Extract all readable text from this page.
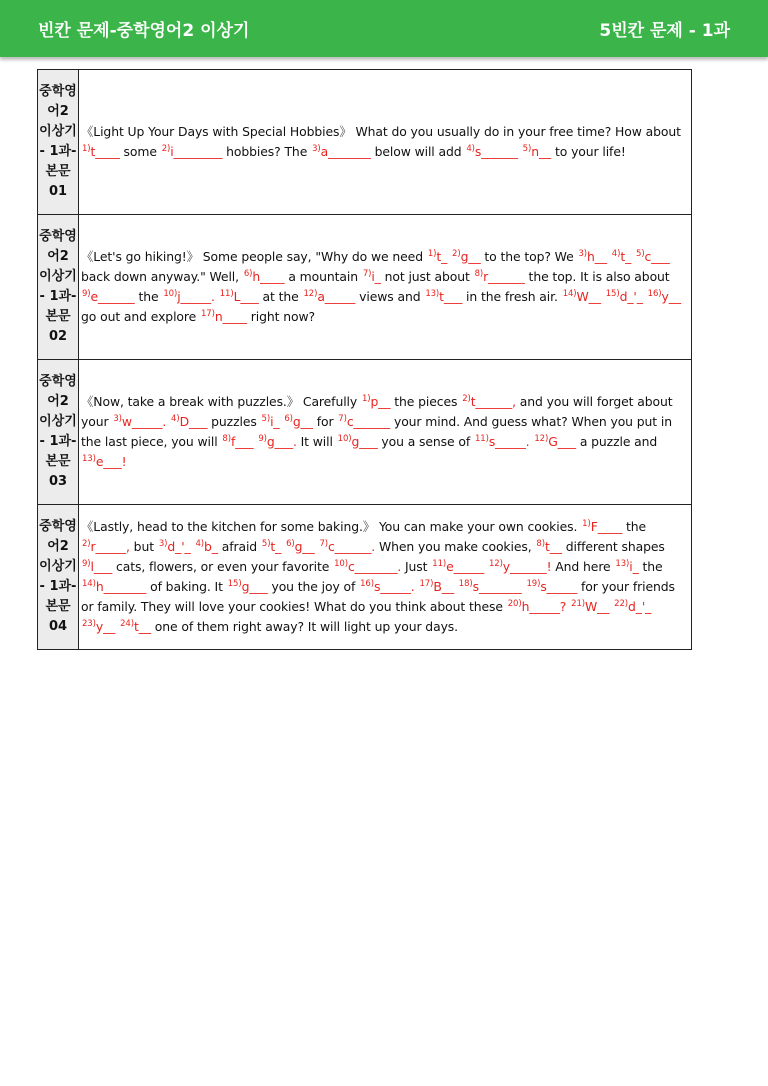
빈칸 문제-중학영어2 이상기	5빈칸 문제 - 1과
중학영어2 이상기 - 1과-본문 01	《Light Up Your Days with Special Hobbies》 What do you usually do in your free time? How about $^{1)}$t____ some $^{2)}$i________ hobbies? The $^{3)}$a_______ below will add $^{4)}$s______ $^{5)}$n__ to your life!
중학영어2 이상기 - 1과-본문 02	《Let's go hiking!》 Some people say, "Why do we need $^{1)}$t_ $^{2)}$g__ to the top? We $^{3)}$h__ $^{4)}$t_ $^{5)}$c___ back down anyway." Well, $^{6)}$h____ a mountain $^{7)}$i_ not just about $^{8)}$r______ the top. It is also about $^{9)}$e______ the $^{10)}$j_____. $^{11)}$L___ at the $^{12)}$a_____ views and $^{13)}$t___ in the fresh air. $^{14)}$W__ $^{15)}$d_'_ $^{16)}$y__ go out and explore $^{17)}$n____ right now?
중학영어2 이상기 - 1과-본문 03	《Now, take a break with puzzles.》 Carefully $^{1)}$p__ the pieces $^{2)}$t______, and you will forget about your $^{3)}$w_____. $^{4)}$D___ puzzles $^{5)}$i_ $^{6)}$g__ for $^{7)}$c______ your mind. And guess what? When you put in the last piece, you will $^{8)}$f___ $^{9)}$g___. It will $^{10)}$g___ you a sense of $^{11)}$s_____. $^{12)}$G___ a puzzle and $^{13)}$e___!
중학영어2 이상기 - 1과-본문 04	《Lastly, head to the kitchen for some baking.》 You can make your own cookies. $^{1)}$F____ the $^{2)}$r_____, but $^{3)}$d_'_ $^{4)}$b_ afraid $^{5)}$t_ $^{6)}$g__ $^{7)}$c______. When you make cookies, $^{8)}$t__ different shapes $^{9)}$l___ cats, flowers, or even your favorite $^{10)}$c_______. Just $^{11)}$e_____ $^{12)}$y______! And here $^{13)}$i_ the $^{14)}$h_______ of baking. It $^{15)}$g___ you the joy of $^{16)}$s_____. $^{17)}$B__ $^{18)}$s_______ $^{19)}$s_____ for your friends or family. They will love your cookies! What do you think about these $^{20)}$h_____? $^{21)}$W__ $^{22)}$d_'_ $^{23)}$y__ $^{24)}$t__ one of them right away? It will light up your days.
